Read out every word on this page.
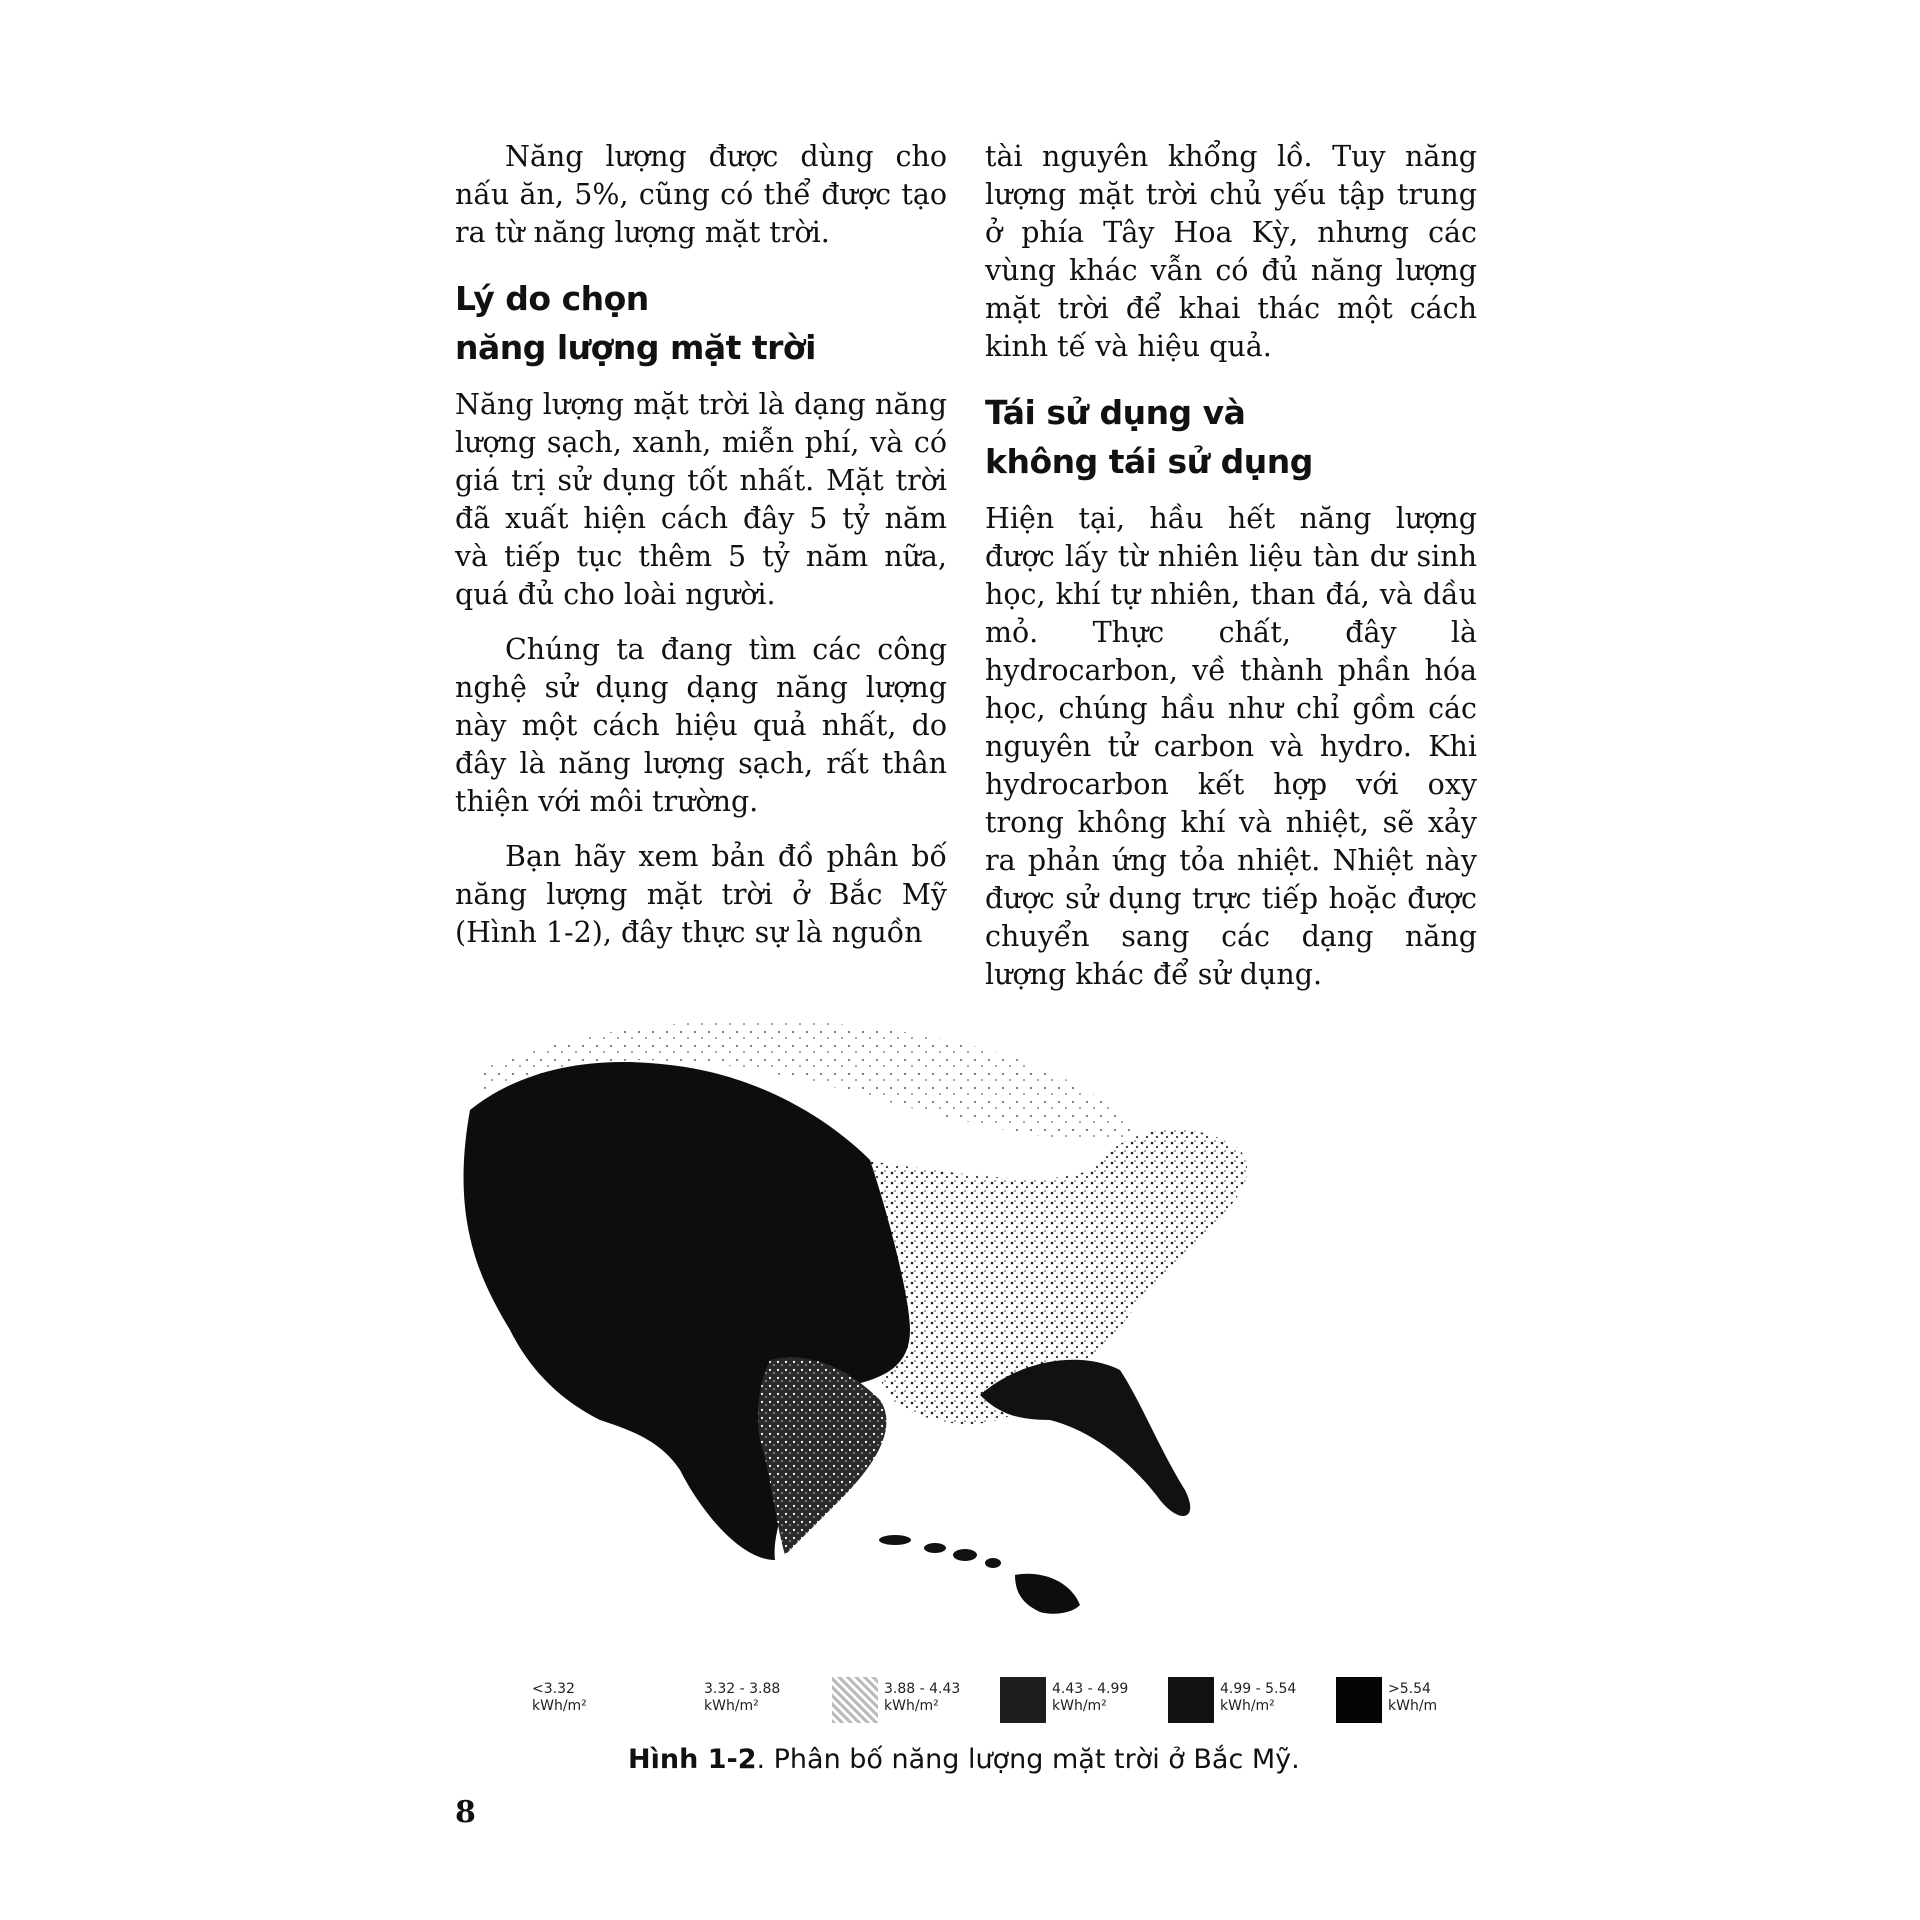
Năng lượng được dùng cho nấu ăn, 5%, cũng có thể được tạo ra từ năng lượng mặt trời.

Lý do chọn
năng lượng mặt trời

Năng lượng mặt trời là dạng năng lượng sạch, xanh, miễn phí, và có giá trị sử dụng tốt nhất. Mặt trời đã xuất hiện cách đây 5 tỷ năm và tiếp tục thêm 5 tỷ năm nữa, quá đủ cho loài người.

Chúng ta đang tìm các công nghệ sử dụng dạng năng lượng này một cách hiệu quả nhất, do đây là năng lượng sạch, rất thân thiện với môi trường.

Bạn hãy xem bản đồ phân bố năng lượng mặt trời ở Bắc Mỹ (Hình 1-2), đây thực sự là nguồn

tài nguyên khổng lồ. Tuy năng lượng mặt trời chủ yếu tập trung ở phía Tây Hoa Kỳ, nhưng các vùng khác vẫn có đủ năng lượng mặt trời để khai thác một cách kinh tế và hiệu quả.

Tái sử dụng và
không tái sử dụng

Hiện tại, hầu hết năng lượng được lấy từ nhiên liệu tàn dư sinh học, khí tự nhiên, than đá, và dầu mỏ. Thực chất, đây là hydrocarbon, về thành phần hóa học, chúng hầu như chỉ gồm các nguyên tử carbon và hydro. Khi hydrocarbon kết hợp với oxy trong không khí và nhiệt, sẽ xảy ra phản ứng tỏa nhiệt. Nhiệt này được sử dụng trực tiếp hoặc được chuyển sang các dạng năng lượng khác để sử dụng.

<3.32
kWh/m²
3.32 - 3.88
kWh/m²
3.88 - 4.43
kWh/m²
4.43 - 4.99
kWh/m²
4.99 - 5.54
kWh/m²
>5.54
kWh/m
Hình 1-2. Phân bố năng lượng mặt trời ở Bắc Mỹ.
8
